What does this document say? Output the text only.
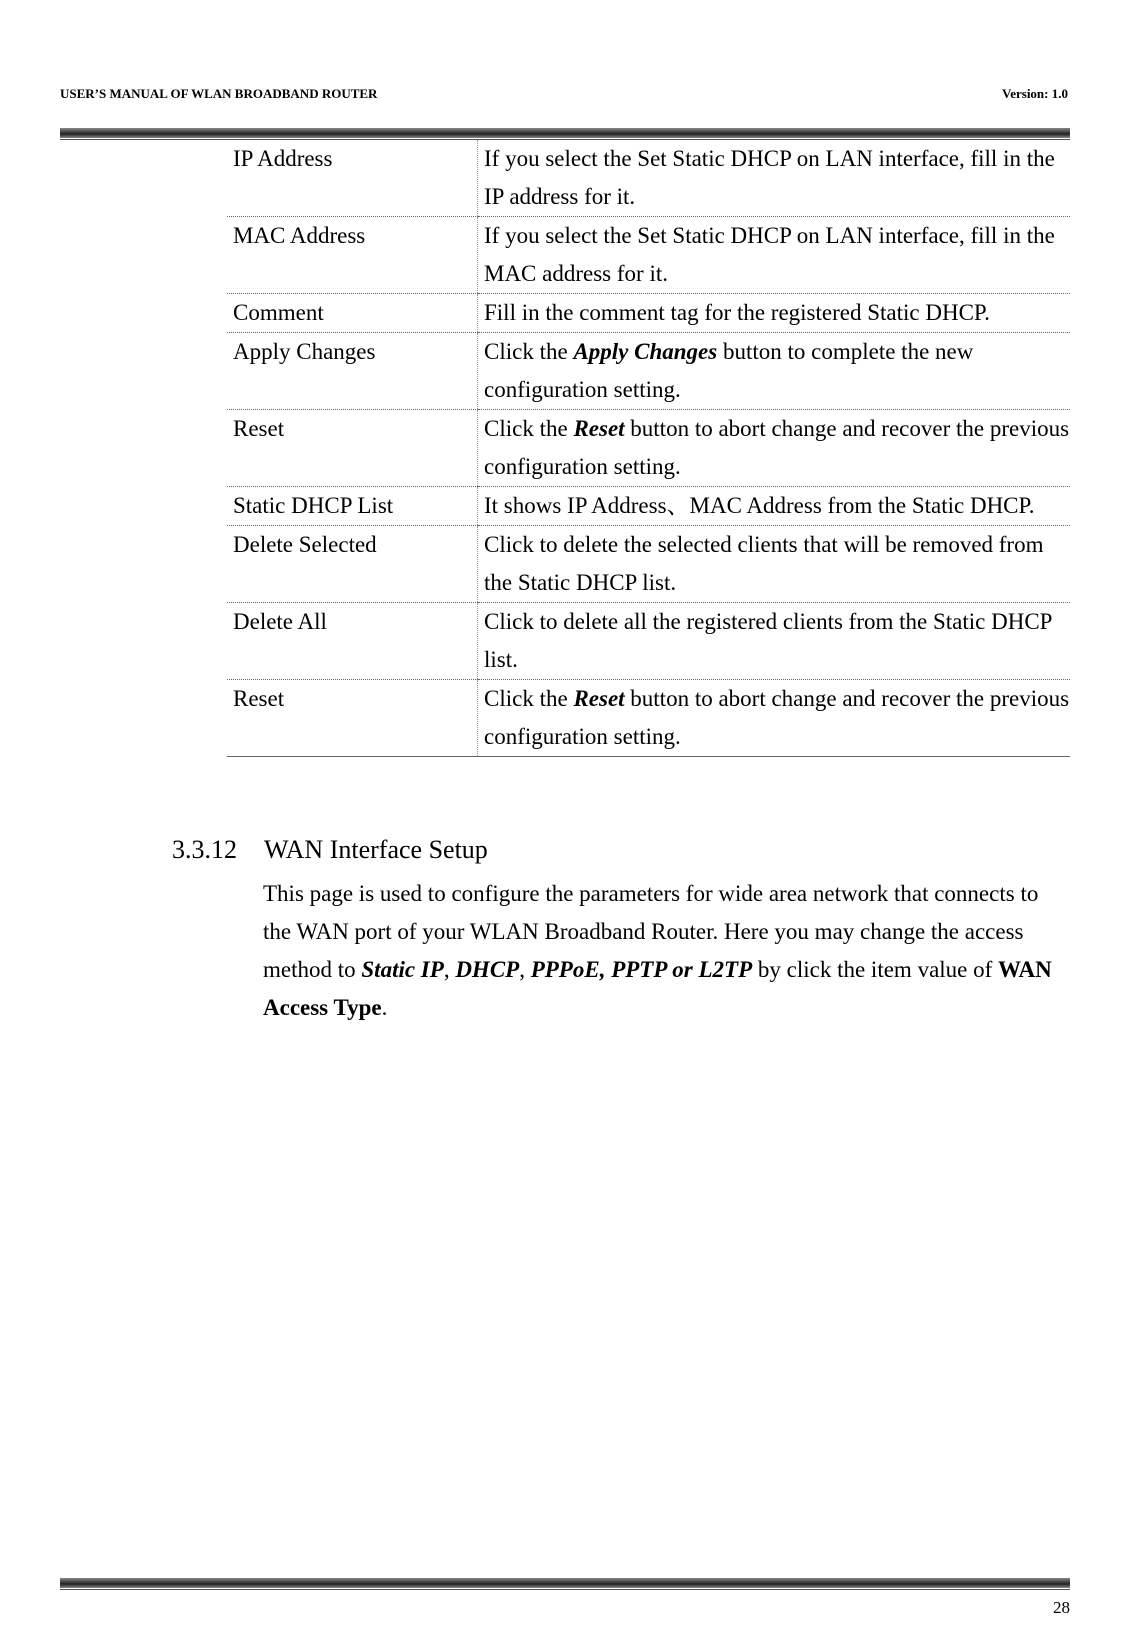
USER’S MANUAL OF WLAN BROADBAND ROUTER	Version: 1.0
IP Address	If you select the Set Static DHCP on LAN interface, fill in the IP address for it.
MAC Address	If you select the Set Static DHCP on LAN interface, fill in the MAC address for it.
Comment	Fill in the comment tag for the registered Static DHCP.
Apply Changes	Click the Apply Changes button to complete the new configuration setting.
Reset	Click the Reset button to abort change and recover the previous configuration setting.
Static DHCP List	It shows IP Address、MAC Address from the Static DHCP.
Delete Selected	Click to delete the selected clients that will be removed from the Static DHCP list.
Delete All	Click to delete all the registered clients from the Static DHCP list.
Reset	Click the Reset button to abort change and recover the previous configuration setting.
3.3.12 WAN Interface Setup
This page is used to configure the parameters for wide area network that connects to the WAN port of your WLAN Broadband Router. Here you may change the access method to Static IP, DHCP, PPPoE, PPTP or L2TP by click the item value of WAN Access Type.
28
